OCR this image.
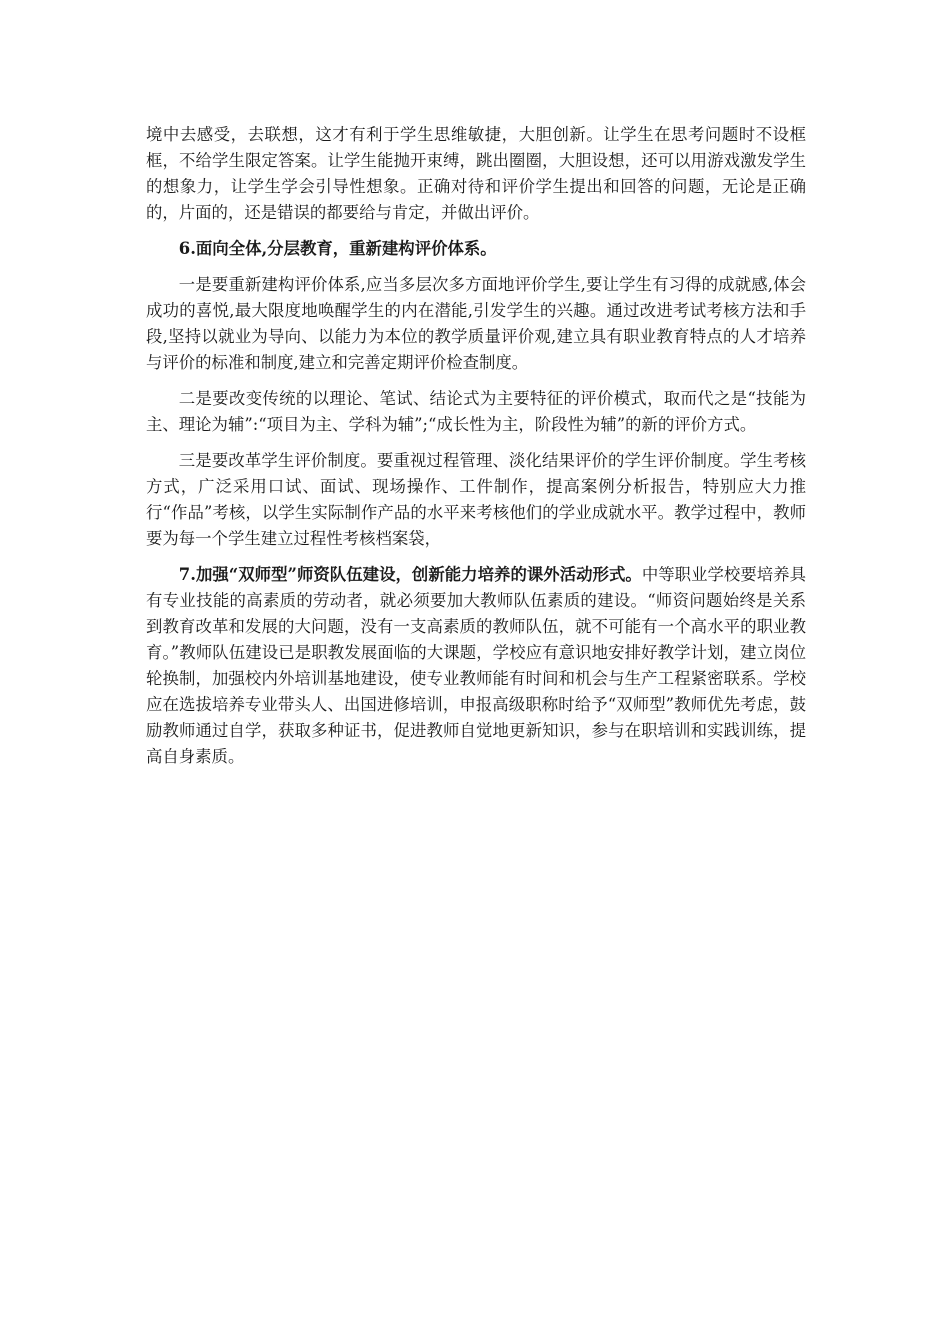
境中去感受，去联想，这才有利于学生思维敏捷，大胆创新。让学生在思考问题时不设框框，不给学生限定答案。让学生能抛开束缚，跳出圈圈，大胆设想，还可以用游戏激发学生的想象力，让学生学会引导性想象。正确对待和评价学生提出和回答的问题，无论是正确的，片面的，还是错误的都要给与肯定，并做出评价。

6.面向全体,分层教育，重新建构评价体系。

一是要重新建构评价体系,应当多层次多方面地评价学生,要让学生有习得的成就感,体会成功的喜悦,最大限度地唤醒学生的内在潜能,引发学生的兴趣。通过改进考试考核方法和手段,坚持以就业为导向、以能力为本位的教学质量评价观,建立具有职业教育特点的人才培养与评价的标准和制度,建立和完善定期评价检查制度。

二是要改变传统的以理论、笔试、结论式为主要特征的评价模式，取而代之是“技能为主、理论为辅”:“项目为主、学科为辅”;“成长性为主，阶段性为辅”的新的评价方式。

三是要改革学生评价制度。要重视过程管理、淡化结果评价的学生评价制度。学生考核方式，广泛采用口试、面试、现场操作、工件制作，提高案例分析报告，特别应大力推行“作品”考核，以学生实际制作产品的水平来考核他们的学业成就水平。教学过程中，教师要为每一个学生建立过程性考核档案袋，

7.加强“双师型”师资队伍建设，创新能力培养的课外活动形式。中等职业学校要培养具有专业技能的高素质的劳动者，就必须要加大教师队伍素质的建设。“师资问题始终是关系到教育改革和发展的大问题，没有一支高素质的教师队伍，就不可能有一个高水平的职业教育。”教师队伍建设已是职教发展面临的大课题，学校应有意识地安排好教学计划，建立岗位轮换制，加强校内外培训基地建设，使专业教师能有时间和机会与生产工程紧密联系。学校应在选拔培养专业带头人、出国进修培训，申报高级职称时给予“双师型”教师优先考虑，鼓励教师通过自学，获取多种证书，促进教师自觉地更新知识，参与在职培训和实践训练，提高自身素质。
